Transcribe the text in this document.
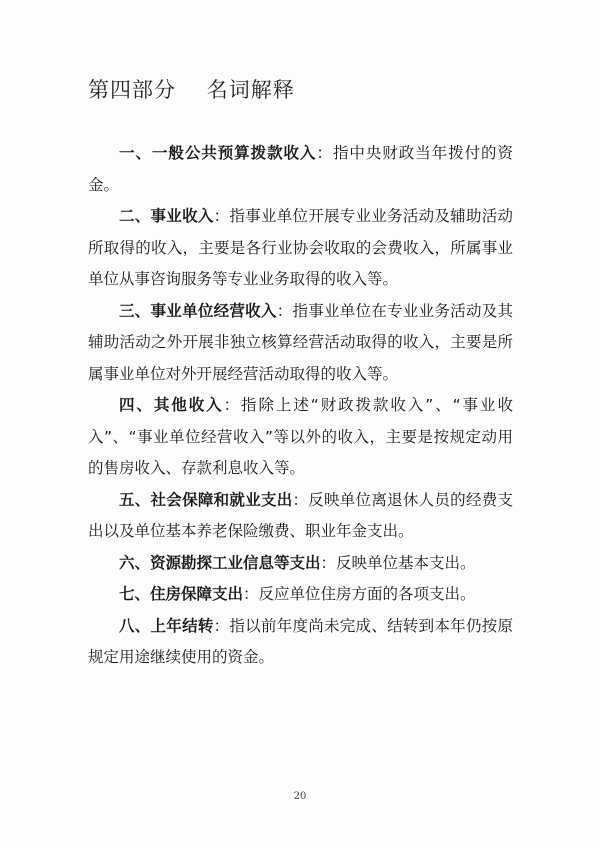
第四部分    名词解释

一、一般公共预算拨款收入：指中央财政当年拨付的资金。

二、事业收入：指事业单位开展专业业务活动及辅助活动所取得的收入，主要是各行业协会收取的会费收入，所属事业单位从事咨询服务等专业业务取得的收入等。

三、事业单位经营收入：指事业单位在专业业务活动及其辅助活动之外开展非独立核算经营活动取得的收入，主要是所属事业单位对外开展经营活动取得的收入等。

四、其他收入：指除上述“财政拨款收入”、“事业收入”、“事业单位经营收入”等以外的收入，主要是按规定动用的售房收入、存款利息收入等。

五、社会保障和就业支出：反映单位离退休人员的经费支出以及单位基本养老保险缴费、职业年金支出。

六、资源勘探工业信息等支出：反映单位基本支出。

七、住房保障支出：反应单位住房方面的各项支出。

八、上年结转：指以前年度尚未完成、结转到本年仍按原规定用途继续使用的资金。

20
